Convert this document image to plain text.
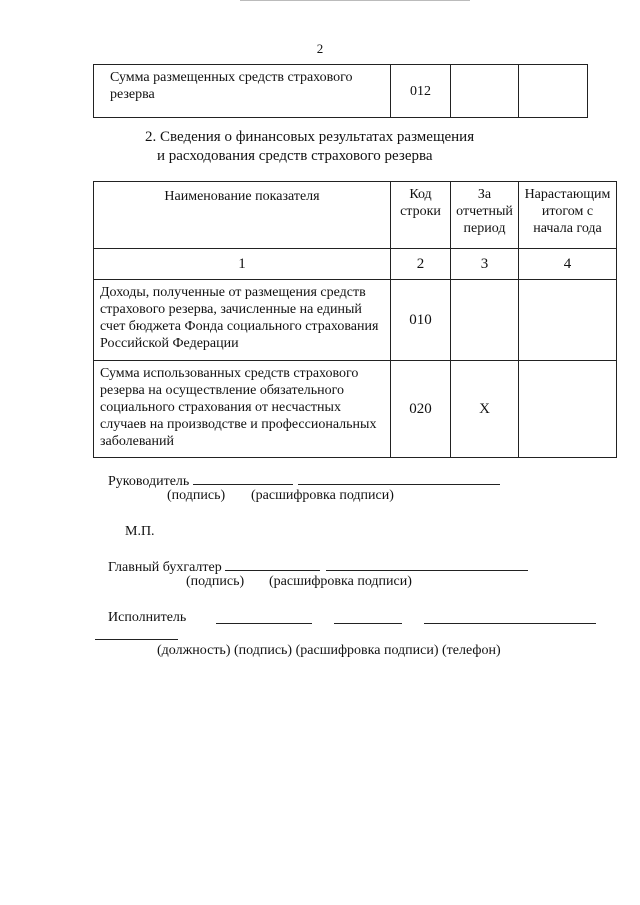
2
Сумма размещенных средств страхового резерва	012		
2. Сведения о финансовых результатах размещения
и расходования средств страхового резерва
Наименование показателя	Код строки	За отчетный период	Нарастающим итогом с начала года
1	2	3	4
Доходы, полученные от размещения средств страхового резерва, зачисленные на единый счет бюджета Фонда социального страхования Российской Федерации	010		
Сумма использованных средств страхового резерва на осуществление обязательного социального страхования от несчастных случаев на производстве и профессиональных заболеваний	020	Х	
Руководитель
(подпись) (расшифровка подписи)
М.П.
Главный бухгалтер
(подпись) (расшифровка подписи)
Исполнитель
(должность) (подпись) (расшифровка подписи) (телефон)
